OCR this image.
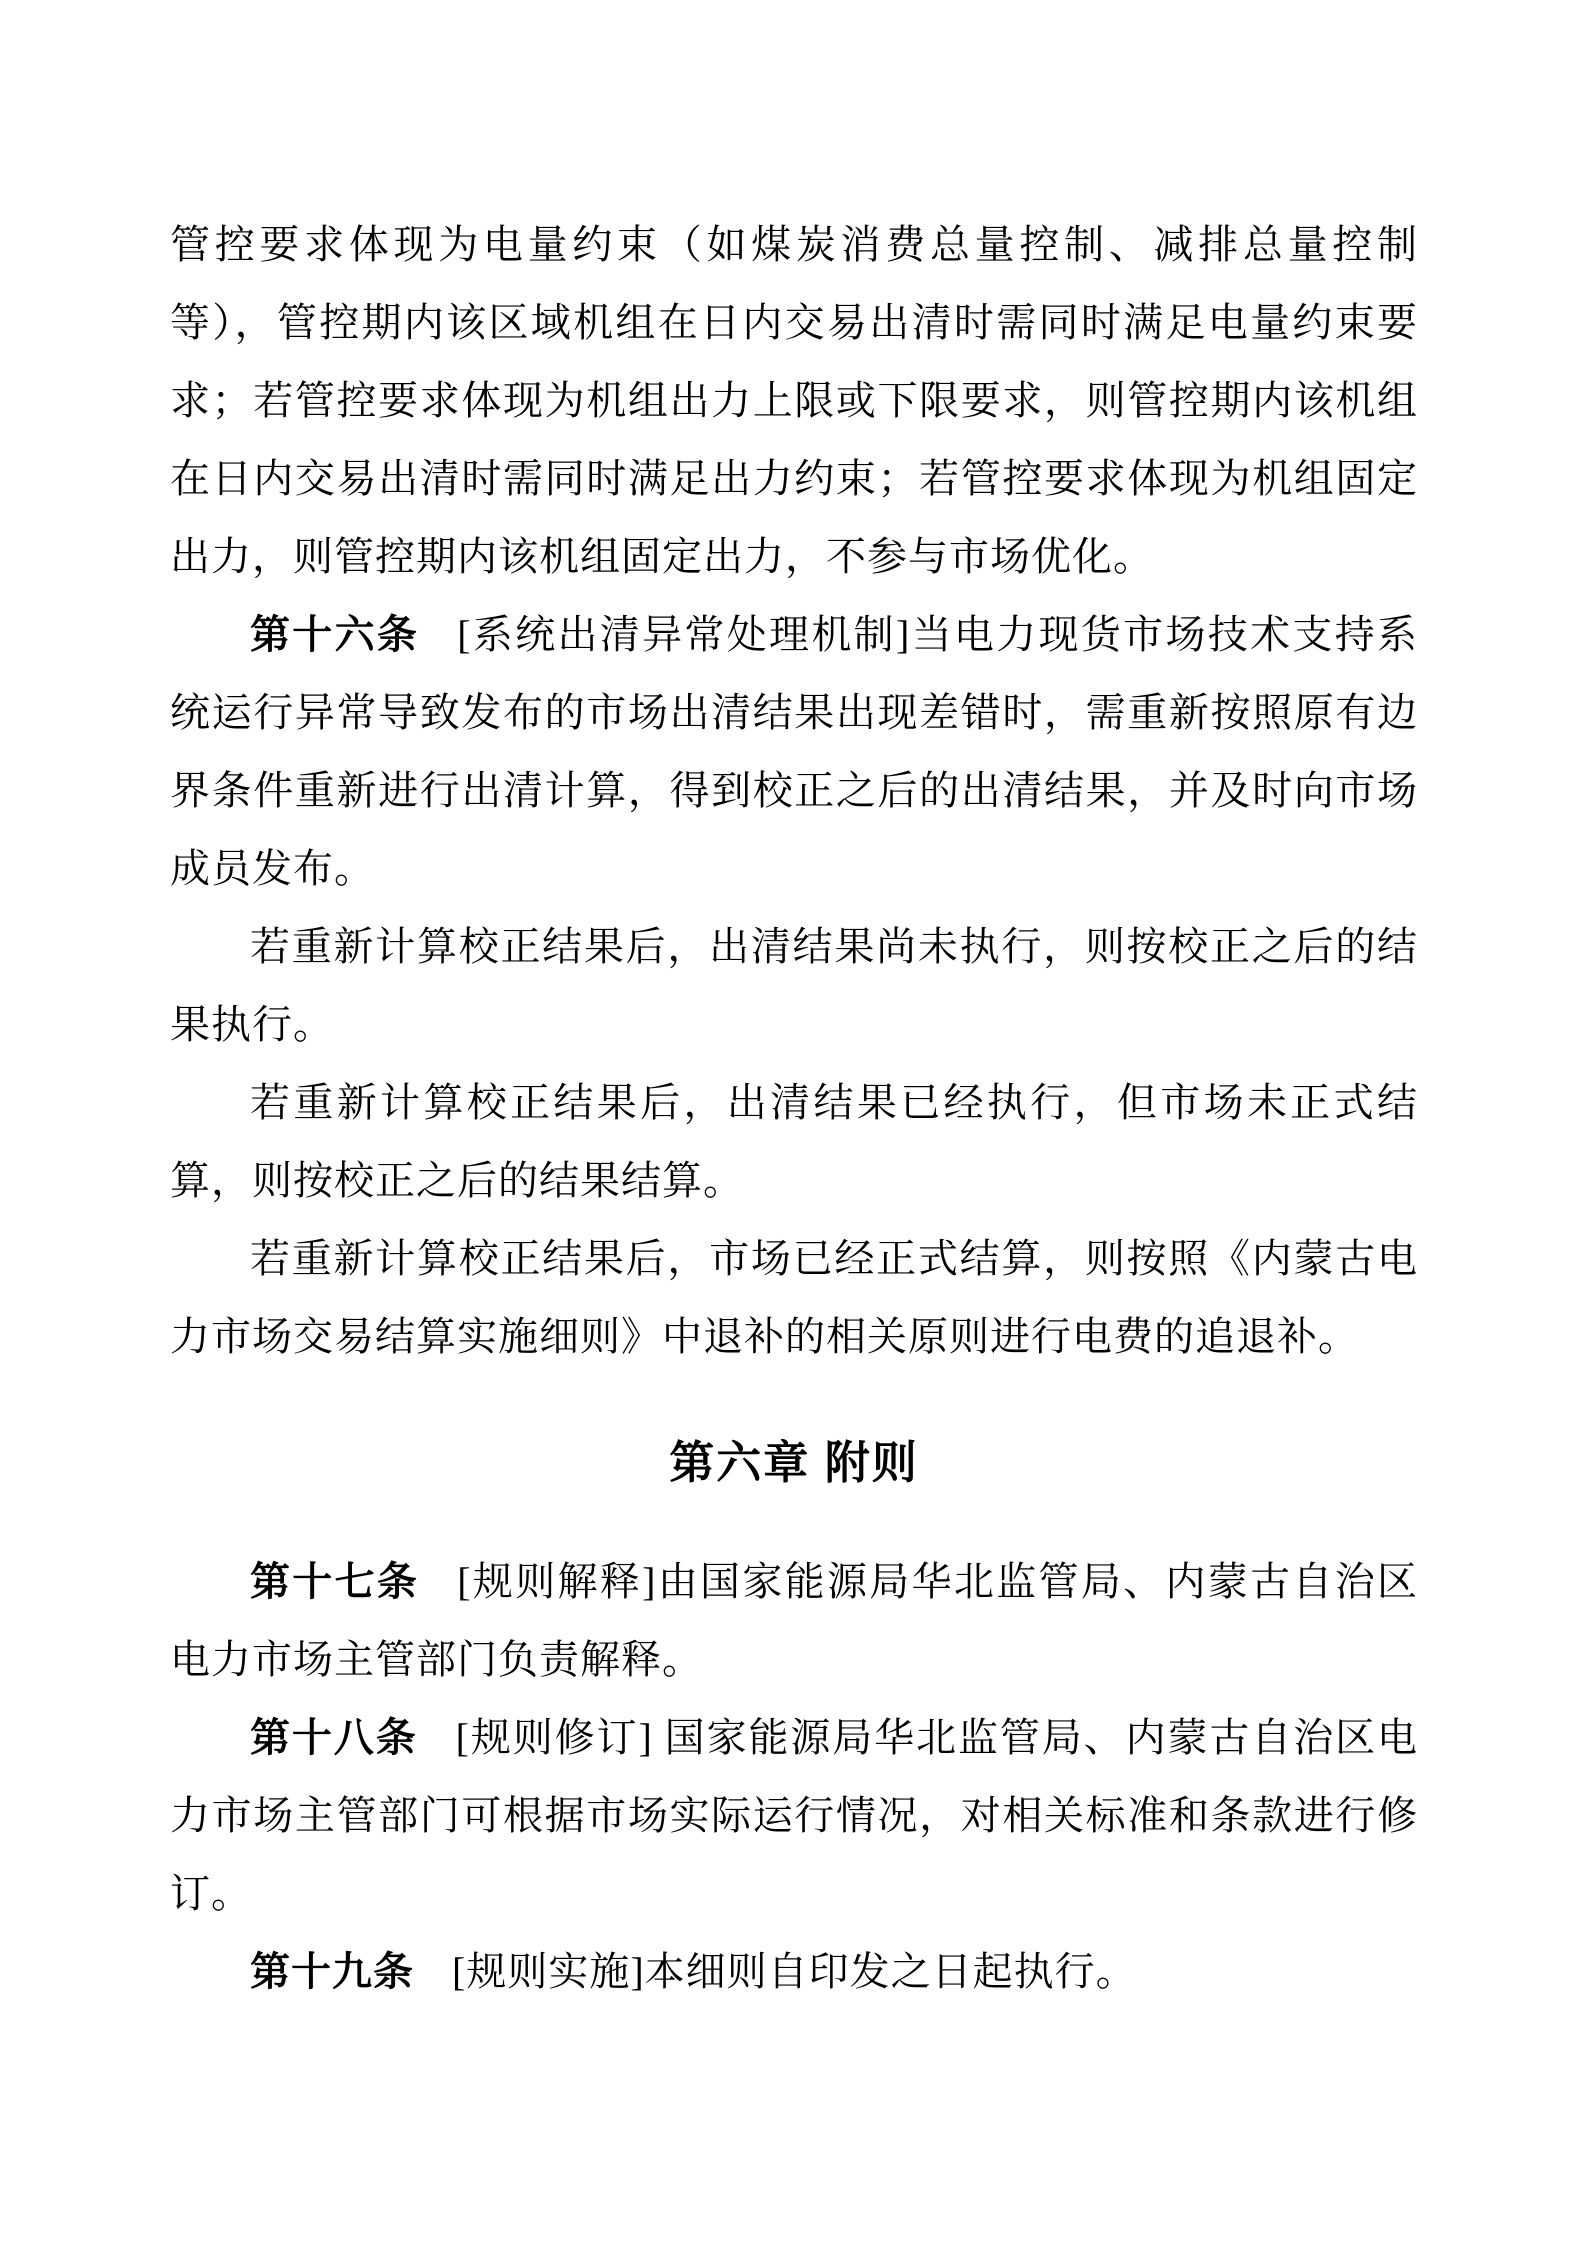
管控要求体现为电量约束（如煤炭消费总量控制、减排总量控制等），管控期内该区域机组在日内交易出清时需同时满足电量约束要求；若管控要求体现为机组出力上限或下限要求，则管控期内该机组在日内交易出清时需同时满足出力约束；若管控要求体现为机组固定出力，则管控期内该机组固定出力，不参与市场优化。

第十六条 [系统出清异常处理机制]当电力现货市场技术支持系统运行异常导致发布的市场出清结果出现差错时，需重新按照原有边界条件重新进行出清计算，得到校正之后的出清结果，并及时向市场成员发布。

若重新计算校正结果后，出清结果尚未执行，则按校正之后的结果执行。

若重新计算校正结果后，出清结果已经执行，但市场未正式结算，则按校正之后的结果结算。

若重新计算校正结果后，市场已经正式结算，则按照《内蒙古电力市场交易结算实施细则》中退补的相关原则进行电费的追退补。

第六章 附则

第十七条 [规则解释]由国家能源局华北监管局、内蒙古自治区电力市场主管部门负责解释。

第十八条 [规则修订] 国家能源局华北监管局、内蒙古自治区电力市场主管部门可根据市场实际运行情况，对相关标准和条款进行修订。

第十九条 [规则实施]本细则自印发之日起执行。
